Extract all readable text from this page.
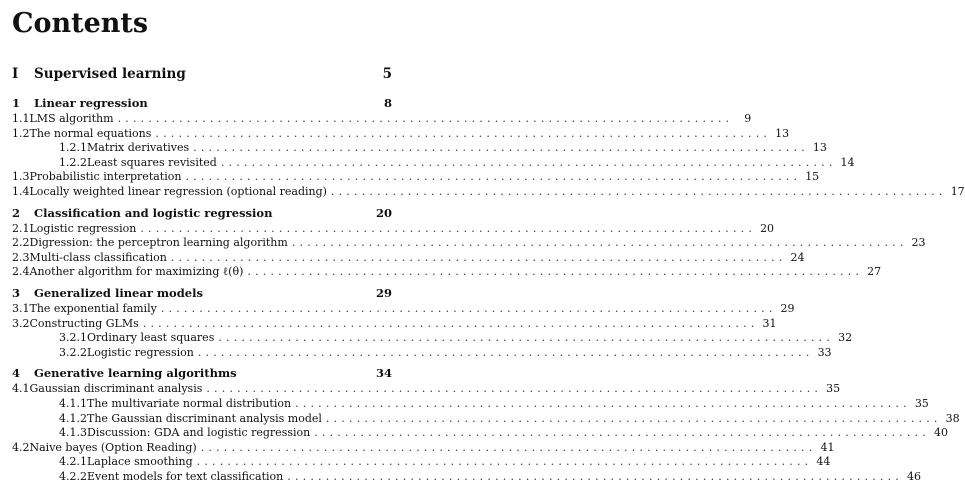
Contents
I	Supervised learning	5
1	Linear regression	8
1.1 LMS algorithm ................................................................................	9
1.2 The normal equations ................................................................................ 13
1.2.1 Matrix derivatives ................................................................................ 13
1.2.2 Least squares revisited ................................................................................ 14
1.3 Probabilistic interpretation ................................................................................ 15
1.4 Locally weighted linear regression (optional reading) ................................................................................ 17
2	Classification and logistic regression	20
2.1 Logistic regression ................................................................................ 20
2.2 Digression: the perceptron learning algorithm ................................................................................ 23
2.3 Multi-class classification ................................................................................ 24
2.4 Another algorithm for maximizing ℓ(θ) ................................................................................ 27
3	Generalized linear models	29
3.1 The exponential family ................................................................................ 29
3.2 Constructing GLMs ................................................................................ 31
3.2.1 Ordinary least squares ................................................................................ 32
3.2.2 Logistic regression ................................................................................ 33
4	Generative learning algorithms	34
4.1 Gaussian discriminant analysis ................................................................................ 35
4.1.1 The multivariate normal distribution ................................................................................ 35
4.1.2 The Gaussian discriminant analysis model ................................................................................ 38
4.1.3 Discussion: GDA and logistic regression ................................................................................ 40
4.2 Naive bayes (Option Reading) ................................................................................ 41
4.2.1 Laplace smoothing ................................................................................ 44
4.2.2 Event models for text classification ................................................................................ 46
